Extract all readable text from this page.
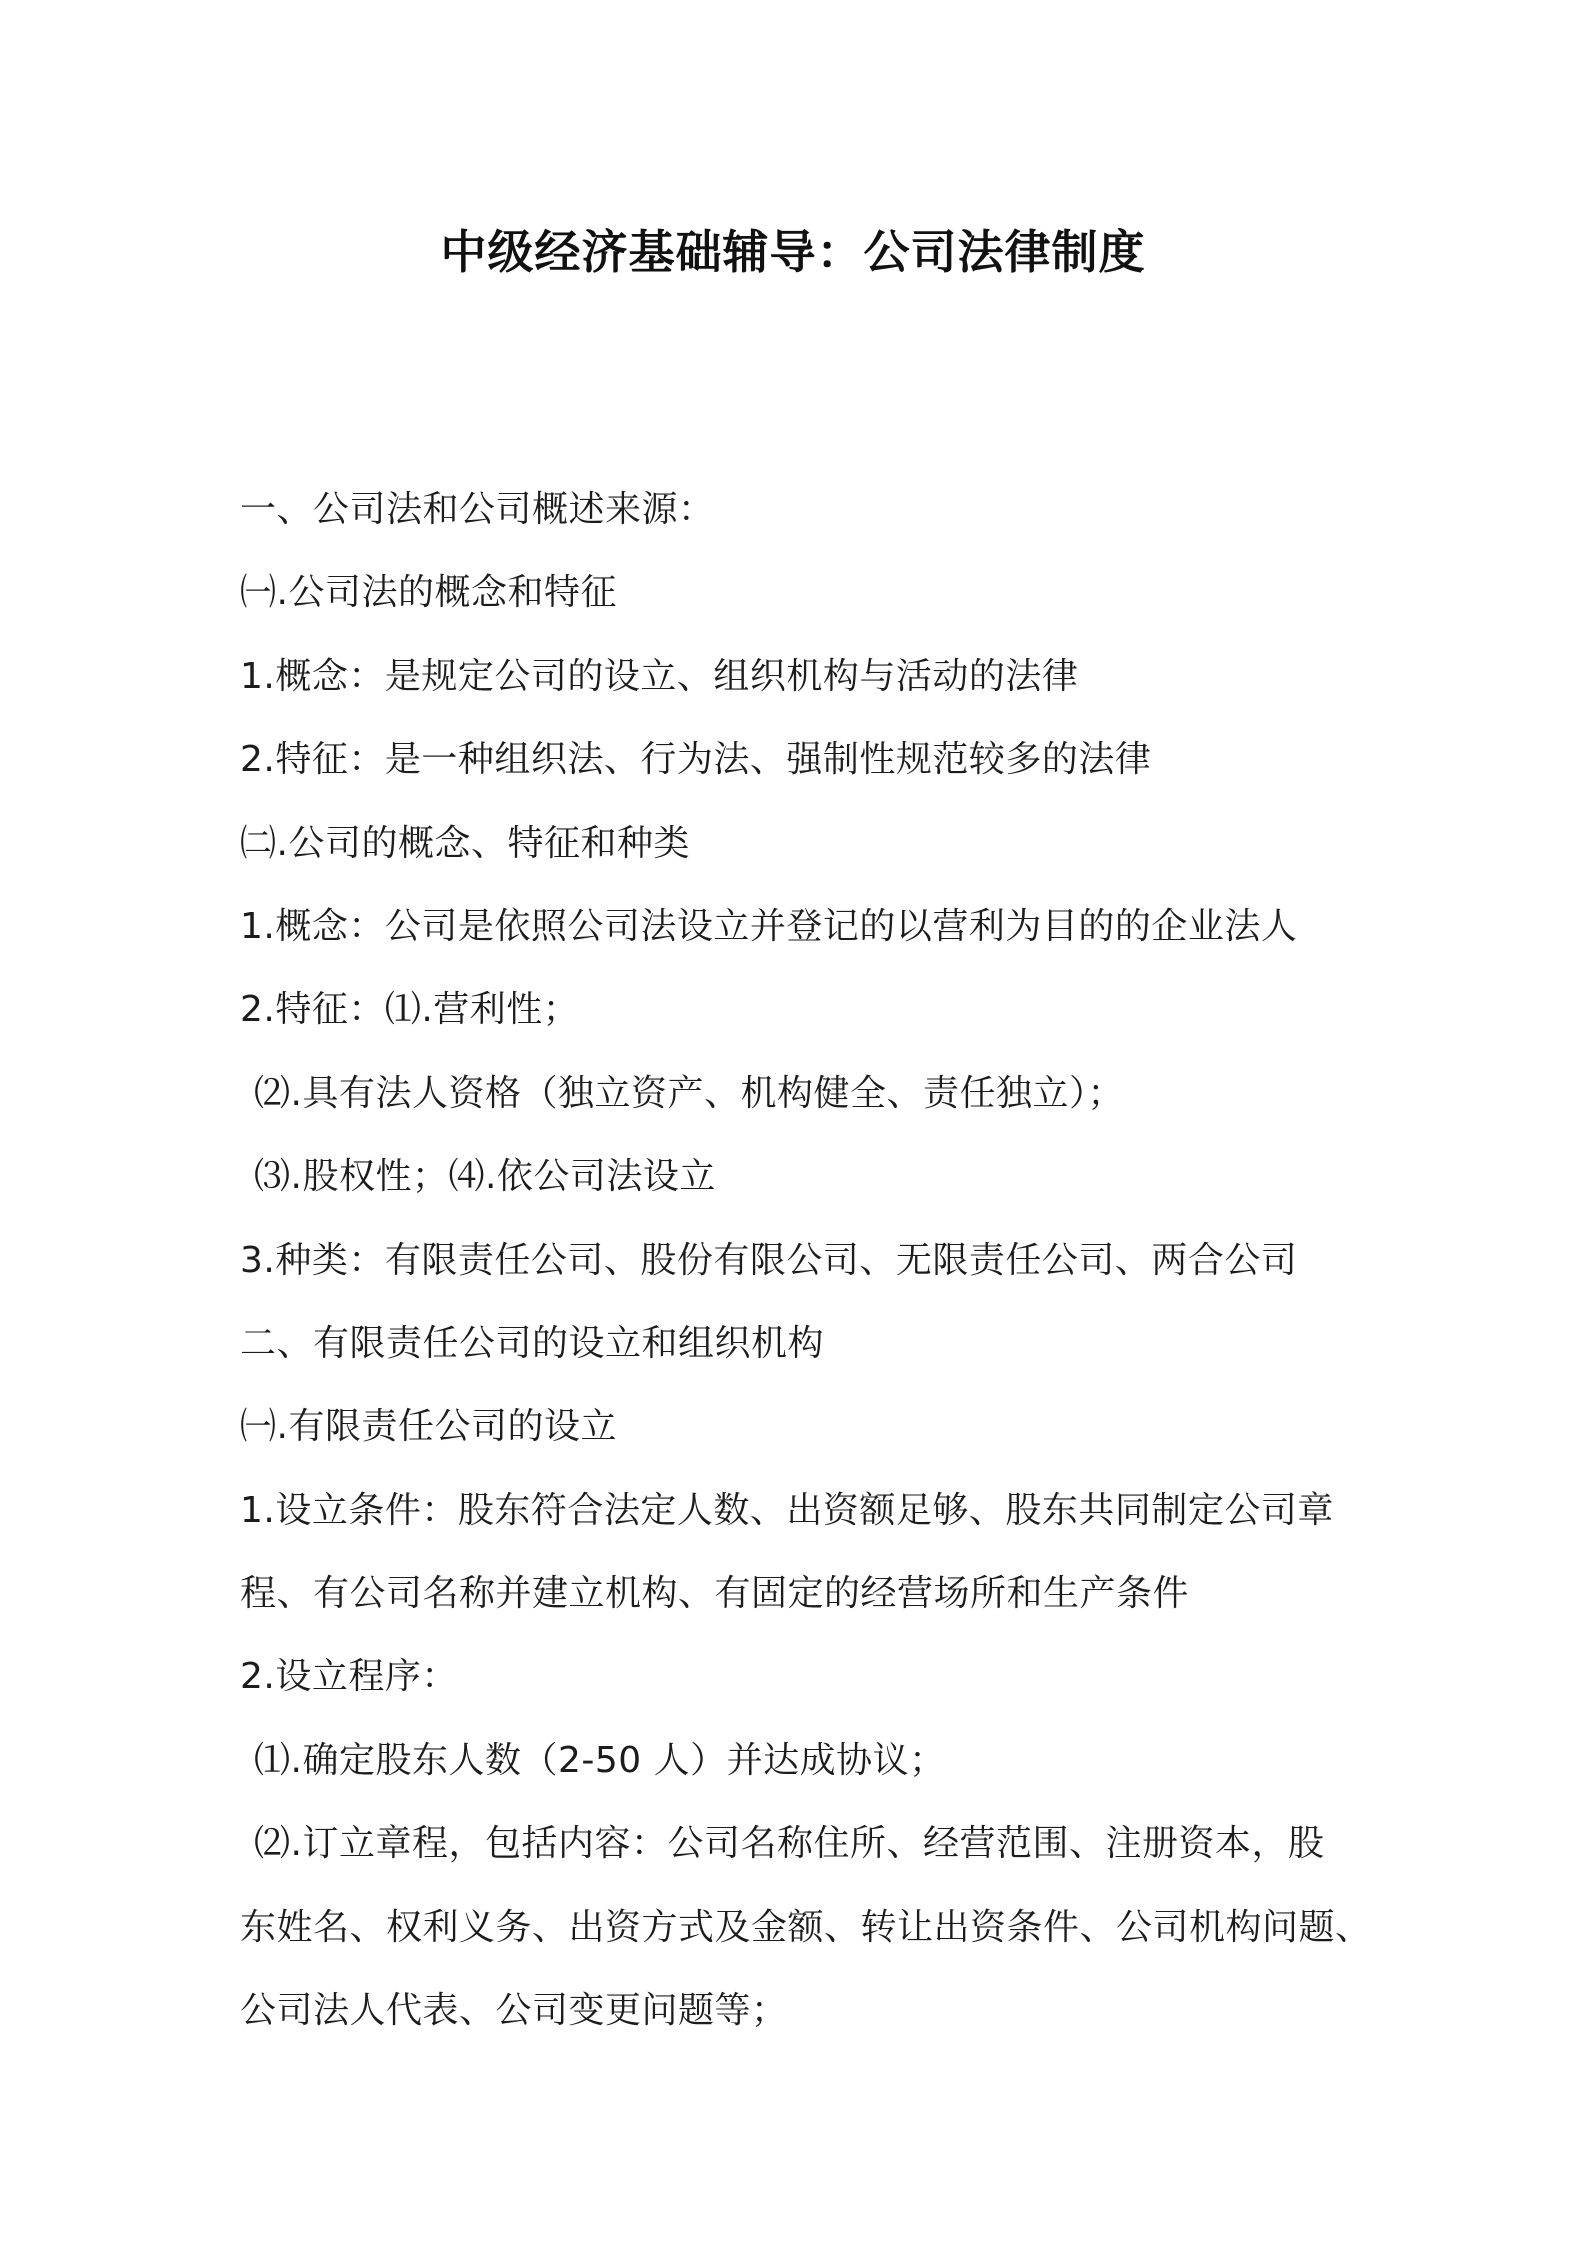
中级经济基础辅导：公司法律制度
一、公司法和公司概述来源：
㈠.公司法的概念和特征
1.概念：是规定公司的设立、组织机构与活动的法律
2.特征：是一种组织法、行为法、强制性规范较多的法律
㈡.公司的概念、特征和种类
1.概念：公司是依照公司法设立并登记的以营利为目的的企业法人
2.特征：⑴.营利性；
⑵.具有法人资格（独立资产、机构健全、责任独立）；
⑶.股权性；⑷.依公司法设立
3.种类：有限责任公司、股份有限公司、无限责任公司、两合公司
二、有限责任公司的设立和组织机构
㈠.有限责任公司的设立
1.设立条件：股东符合法定人数、出资额足够、股东共同制定公司章
程、有公司名称并建立机构、有固定的经营场所和生产条件
2.设立程序：
⑴.确定股东人数（2-50 人）并达成协议；
⑵.订立章程，包括内容：公司名称住所、经营范围、注册资本，股
东姓名、权利义务、出资方式及金额、转让出资条件、公司机构问题、
公司法人代表、公司变更问题等；
